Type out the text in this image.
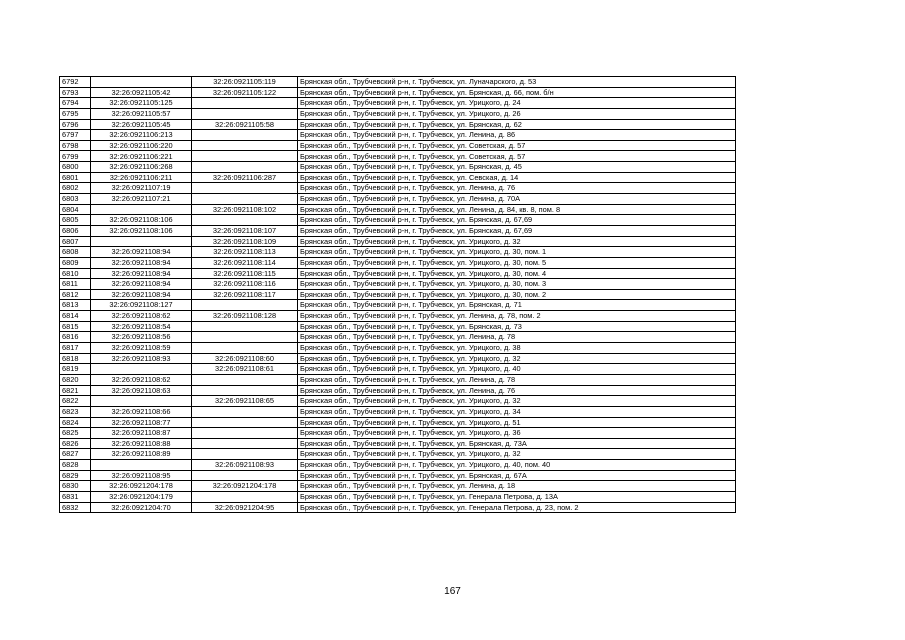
6792		32:26:0921105:119	Брянская обл., Трубчевский р-н, г. Трубчевск, ул. Луначарского, д. 53
6793	32:26:0921105:42	32:26:0921105:122	Брянская обл., Трубчевский р-н, г. Трубчевск, ул. Брянская, д. 66, пом. б/н
6794	32:26:0921105:125		Брянская обл., Трубчевский р-н, г. Трубчевск, ул. Урицкого, д. 24
6795	32:26:0921105:57		Брянская обл., Трубчевский р-н, г. Трубчевск, ул. Урицкого, д. 26
6796	32:26:0921105:45	32:26:0921105:58	Брянская обл., Трубчевский р-н, г. Трубчевск, ул. Брянская, д. 62
6797	32:26:0921106:213		Брянская обл., Трубчевский р-н, г. Трубчевск, ул. Ленина, д. 86
6798	32:26:0921106:220		Брянская обл., Трубчевский р-н, г. Трубчевск, ул. Советская, д. 57
6799	32:26:0921106:221		Брянская обл., Трубчевский р-н, г. Трубчевск, ул. Советская, д. 57
6800	32:26:0921106:268		Брянская обл., Трубчевский р-н, г. Трубчевск, ул. Брянская, д. 45
6801	32:26:0921106:211	32:26:0921106:287	Брянская обл., Трубчевский р-н, г. Трубчевск, ул. Севская, д. 14
6802	32:26:0921107:19		Брянская обл., Трубчевский р-н, г. Трубчевск, ул. Ленина, д. 76
6803	32:26:0921107:21		Брянская обл., Трубчевский р-н, г. Трубчевск, ул. Ленина, д. 70А
6804		32:26:0921108:102	Брянская обл., Трубчевский р-н, г. Трубчевск, ул. Ленина, д. 84, кв. 8, пом. 8
6805	32:26:0921108:106		Брянская обл., Трубчевский р-н, г. Трубчевск, ул. Брянская, д. 67,69
6806	32:26:0921108:106	32:26:0921108:107	Брянская обл., Трубчевский р-н, г. Трубчевск, ул. Брянская, д. 67,69
6807		32:26:0921108:109	Брянская обл., Трубчевский р-н, г. Трубчевск, ул. Урицкого, д. 32
6808	32:26:0921108:94	32:26:0921108:113	Брянская обл., Трубчевский р-н, г. Трубчевск, ул. Урицкого, д. 30, пом. 1
6809	32:26:0921108:94	32:26:0921108:114	Брянская обл., Трубчевский р-н, г. Трубчевск, ул. Урицкого, д. 30, пом. 5
6810	32:26:0921108:94	32:26:0921108:115	Брянская обл., Трубчевский р-н, г. Трубчевск, ул. Урицкого, д. 30, пом. 4
6811	32:26:0921108:94	32:26:0921108:116	Брянская обл., Трубчевский р-н, г. Трубчевск, ул. Урицкого, д. 30, пом. 3
6812	32:26:0921108:94	32:26:0921108:117	Брянская обл., Трубчевский р-н, г. Трубчевск, ул. Урицкого, д. 30, пом. 2
6813	32:26:0921108:127		Брянская обл., Трубчевский р-н, г. Трубчевск, ул. Брянская, д. 71
6814	32:26:0921108:62	32:26:0921108:128	Брянская обл., Трубчевский р-н, г. Трубчевск, ул. Ленина, д. 78, пом. 2
6815	32:26:0921108:54		Брянская обл., Трубчевский р-н, г. Трубчевск, ул. Брянская, д. 73
6816	32:26:0921108:56		Брянская обл., Трубчевский р-н, г. Трубчевск, ул. Ленина, д. 78
6817	32:26:0921108:59		Брянская обл., Трубчевский р-н, г. Трубчевск, ул. Урицкого, д. 38
6818	32:26:0921108:93	32:26:0921108:60	Брянская обл., Трубчевский р-н, г. Трубчевск, ул. Урицкого, д. 32
6819		32:26:0921108:61	Брянская обл., Трубчевский р-н, г. Трубчевск, ул. Урицкого, д. 40
6820	32:26:0921108:62		Брянская обл., Трубчевский р-н, г. Трубчевск, ул. Ленина, д. 78
6821	32:26:0921108:63		Брянская обл., Трубчевский р-н, г. Трубчевск, ул. Ленина, д. 76
6822		32:26:0921108:65	Брянская обл., Трубчевский р-н, г. Трубчевск, ул. Урицкого, д. 32
6823	32:26:0921108:66		Брянская обл., Трубчевский р-н, г. Трубчевск, ул. Урицкого, д. 34
6824	32:26:0921108:77		Брянская обл., Трубчевский р-н, г. Трубчевск, ул. Урицкого, д. 51
6825	32:26:0921108:87		Брянская обл., Трубчевский р-н, г. Трубчевск, ул. Урицкого, д. 36
6826	32:26:0921108:88		Брянская обл., Трубчевский р-н, г. Трубчевск, ул. Брянская, д. 73А
6827	32:26:0921108:89		Брянская обл., Трубчевский р-н, г. Трубчевск, ул. Урицкого, д. 32
6828		32:26:0921108:93	Брянская обл., Трубчевский р-н, г. Трубчевск, ул. Урицкого, д. 40, пом. 40
6829	32:26:0921108:95		Брянская обл., Трубчевский р-н, г. Трубчевск, ул. Брянская, д. 67А
6830	32:26:0921204:178	32:26:0921204:178	Брянская обл., Трубчевский р-н, г. Трубчевск, ул. Ленина, д. 18
6831	32:26:0921204:179		Брянская обл., Трубчевский р-н, г. Трубчевск, ул. Генерала Петрова, д. 13А
6832	32:26:0921204:70	32:26:0921204:95	Брянская обл., Трубчевский р-н, г. Трубчевск, ул. Генерала Петрова, д. 23, пом. 2
167
